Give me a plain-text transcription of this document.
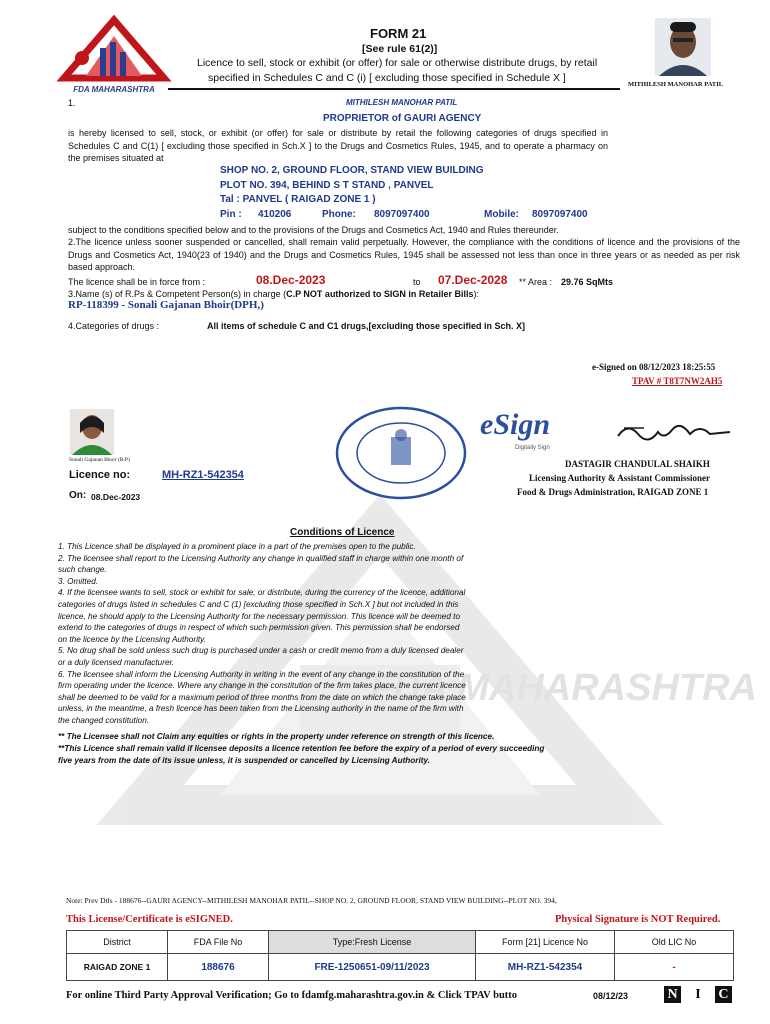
FDA MAHARASHTRA
FDA MAHARASHTRA
FORM 21
[See rule 61(2)]
Licence to sell, stock or exhibit (or offer) for sale or otherwise distribute drugs, by retail
specified in Schedules C and C (i) [ excluding those specified in Schedule X ]
MITHILESH MANOHAR PATIL
1.	MITHILESH MANOHAR PATIL
PROPRIETOR of GAURI AGENCY
is hereby licensed to sell, stock, or exhibit (or offer) for sale or distribute by retail the following categories of drugs specified in Schedules C and C(1) [ excluding those specified in Sch.X ] to the Drugs and Cosmetics Rules, 1945, and to operate a pharmacy on the premises situated at
SHOP NO. 2, GROUND FLOOR, STAND VIEW BUILDING
PLOT NO. 394, BEHIND S T STAND , PANVEL
Tal : PANVEL ( RAIGAD ZONE 1 )
Pin : 410206	Phone: 8097097400	Mobile: 8097097400
subject to the conditions specified below and to the provisions of the Drugs and Cosmetics Act, 1940 and Rules thereunder.
2.The licence unless sooner suspended or cancelled, shall remain valid perpetually. However, the compliance with the conditions of licence and the provisions of the Drugs and Cosmetics Act, 1940(23 of 1940) and the Drugs and Cosmetics Rules, 1945 shall be assessed not less than once in three years or as needed as per risk based approach.
The licence shall be in force from :	08.Dec-2023	to 07.Dec-2028 ** Area : 29.76 SqMts
3.Name (s) of R.Ps & Competent Person(s) in charge (C.P NOT authorized to SIGN in Retailer Bills):
RP-118399 - Sonali Gajanan Bhoir(DPH,)
4.Categories of drugs :	All items of schedule C and C1 drugs,[excluding those specified in Sch. X]
e-Signed on 08/12/2023 18:25:55
TPAV # T8T7NW2AH5
Sonali Gajanan Bhoir (R.P)
Licence no:	MH-RZ1-542354
On: 08.Dec-2023
eSign
Digitally Sign
DASTAGIR CHANDULAL SHAIKH
Licensing Authority & Assistant Commissioner
Food & Drugs Administration, RAIGAD ZONE 1
Conditions of Licence
1. This Licence shall be displayed in a prominent place in a part of the premises open to the public.
2. The licensee shall report to the Licensing Authority any change in qualified staff in charge within one month of such change.
3. Omitted.
4. If the licensee wants to sell, stock or exhibit for sale, or distribute, during the currency of the licence, additional categories of drugs listed in schedules C and C (1) [excluding those specified in Sch.X ] but not included in this licence, he should apply to the Licensing Authority for the necessary permission. This licence will be deemed to extend to the categories of drugs in respect of which such permission given. This permission shall be endorsed on the licence by the Licensing Authority.
5. No drug shall be sold unless such drug is purchased under a cash or credit memo from a duly licensed dealer or a duly licensed manufacturer.
6. The licensee shall inform the Licensing Authority in writing in the event of any change in the constitution of the firm operating under the licence. Where any change in the constitution of the firm takes place, the current licence shall be deemed to be valid for a maximum period of three months from the date on which the change take place unless, in the meantime, a fresh licence has been taken from the Licensing authority in the name of the firm with the changed constitution.
** The Licensee shall not Claim any equities or rights in the property under reference on strength of this licence.
**This Licence shall remain valid if licensee deposits a licence retention fee before the expiry of a period of every succeeding five years from the date of its issue unless, it is suspended or cancelled by Licensing Authority.
Note: Prev Dtls - 188676--GAURI AGENCY--MITHILESH MANOHAR PATIL--SHOP NO. 2, GROUND FLOOR, STAND VIEW BUILDING--PLOT NO. 394,
This License/Certificate is eSIGNED.	Physical Signature is NOT Required.
District	FDA File No	Type:Fresh License	Form [21] Licence No	Old LIC No
RAIGAD ZONE 1	188676	FRE-1250651-09/11/2023	MH-RZ1-542354	-
For online Third Party Approval Verification; Go to fdamfg.maharashtra.gov.in & Click TPAV butto	08/12/23	N I C
